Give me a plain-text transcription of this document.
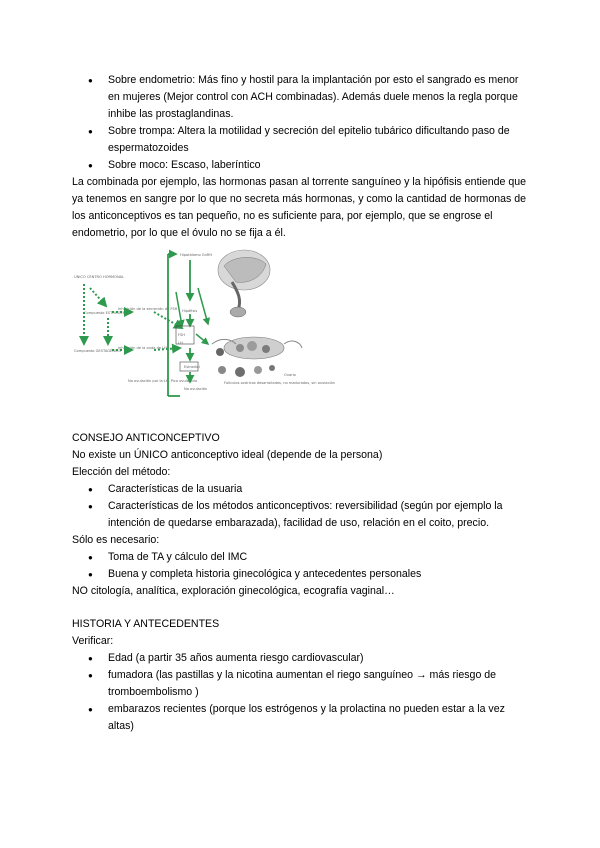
● Sobre endometrio: Más fino y hostil para la implantación por esto el sangrado es menor en mujeres (Mejor control con ACH combinadas). Además duele menos la regla porque inhibe las prostaglandinas.
● Sobre trompa: Altera la motilidad y secreción del epitelio tubárico dificultando paso de espermatozoides
● Sobre moco: Escaso, laberíntico

La combinada por ejemplo, las hormonas pasan al torrente sanguíneo y la hipófisis entiende que ya tenemos en sangre por lo que no secreta más hormonas, y como la cantidad de hormonas de los anticonceptivos es tan pequeño, no es suficiente para, por ejemplo, que se engrose el endometrio, por lo que el óvulo no se fija a él.

ÚNICO CENTRO HORMONAL
Compuesto ESTROGÉNICO
Compuesto GESTAGÉNICO
Inhibición de la secreción de FSH
Inhibición de la onda de LH
Hipotálamo GnRH
Hipófisis
FSH
LH
Estradiol
No ovulación
No ovulación por la LH. Pico ovulatorio	Folículos ováricos desarrollados, no madurados, sin ovulación
Ovario

CONSEJO ANTICONCEPTIVO

No existe un ÚNICO anticonceptivo ideal (depende de la persona)

Elección del método:

● Características de la usuaria
● Características de los métodos anticonceptivos: reversibilidad (según por ejemplo la intención de quedarse embarazada), facilidad de uso, relación en el coito, precio.

Sólo es necesario:

● Toma de TA y cálculo del IMC
● Buena y completa historia ginecológica y antecedentes personales

NO citología, analítica, exploración ginecológica, ecografía vaginal…

HISTORIA Y ANTECEDENTES

Verificar:

● Edad (a partir 35 años aumenta riesgo cardiovascular)
● fumadora (las pastillas y la nicotina aumentan el riego sanguíneo → más riesgo de tromboembolismo )
● embarazos recientes (porque los estrógenos y la prolactina no pueden estar a la vez altas)
